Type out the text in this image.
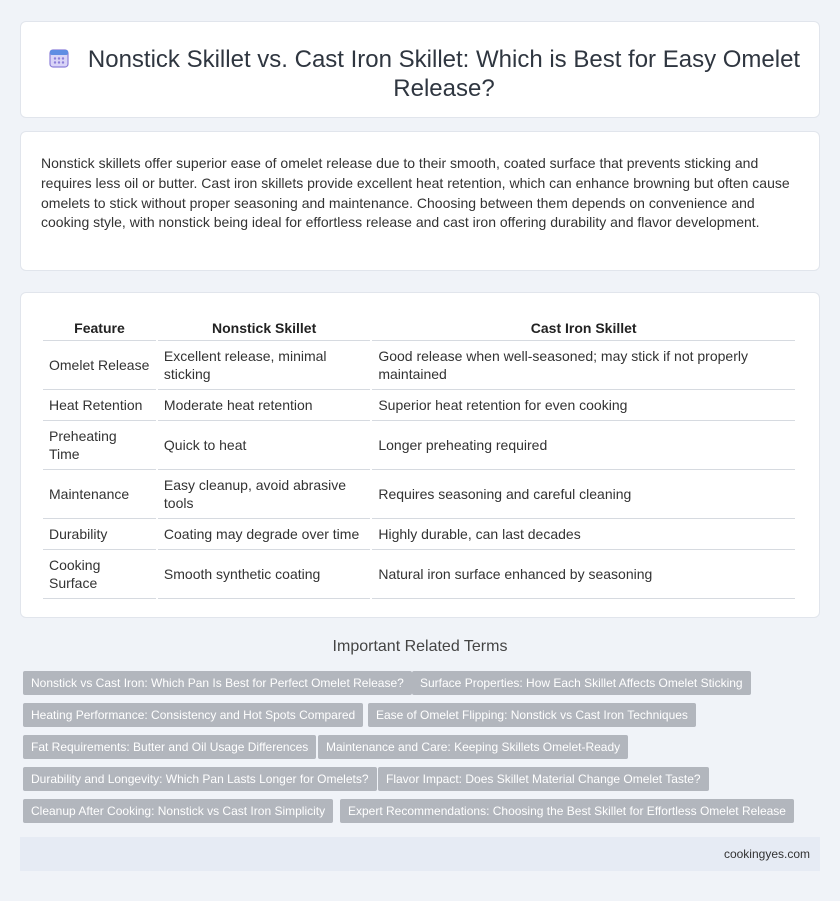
Nonstick Skillet vs. Cast Iron Skillet: Which is Best for Easy Omelet Release?

Nonstick skillets offer superior ease of omelet release due to their smooth, coated surface that prevents sticking and requires less oil or butter. Cast iron skillets provide excellent heat retention, which can enhance browning but often cause omelets to stick without proper seasoning and maintenance. Choosing between them depends on convenience and cooking style, with nonstick being ideal for effortless release and cast iron offering durability and flavor development.

Feature	Nonstick Skillet	Cast Iron Skillet
Omelet Release	Excellent release, minimal sticking	Good release when well-seasoned; may stick if not properly maintained
Heat Retention	Moderate heat retention	Superior heat retention for even cooking
Preheating Time	Quick to heat	Longer preheating required
Maintenance	Easy cleanup, avoid abrasive tools	Requires seasoning and careful cleaning
Durability	Coating may degrade over time	Highly durable, can last decades
Cooking Surface	Smooth synthetic coating	Natural iron surface enhanced by seasoning
Important Related Terms
Nonstick vs Cast Iron: Which Pan Is Best for Perfect Omelet Release?	Surface Properties: How Each Skillet Affects Omelet Sticking
Heating Performance: Consistency and Hot Spots Compared	Ease of Omelet Flipping: Nonstick vs Cast Iron Techniques
Fat Requirements: Butter and Oil Usage Differences	Maintenance and Care: Keeping Skillets Omelet-Ready
Durability and Longevity: Which Pan Lasts Longer for Omelets?	Flavor Impact: Does Skillet Material Change Omelet Taste?
Cleanup After Cooking: Nonstick vs Cast Iron Simplicity	Expert Recommendations: Choosing the Best Skillet for Effortless Omelet Release
cookingyes.com
